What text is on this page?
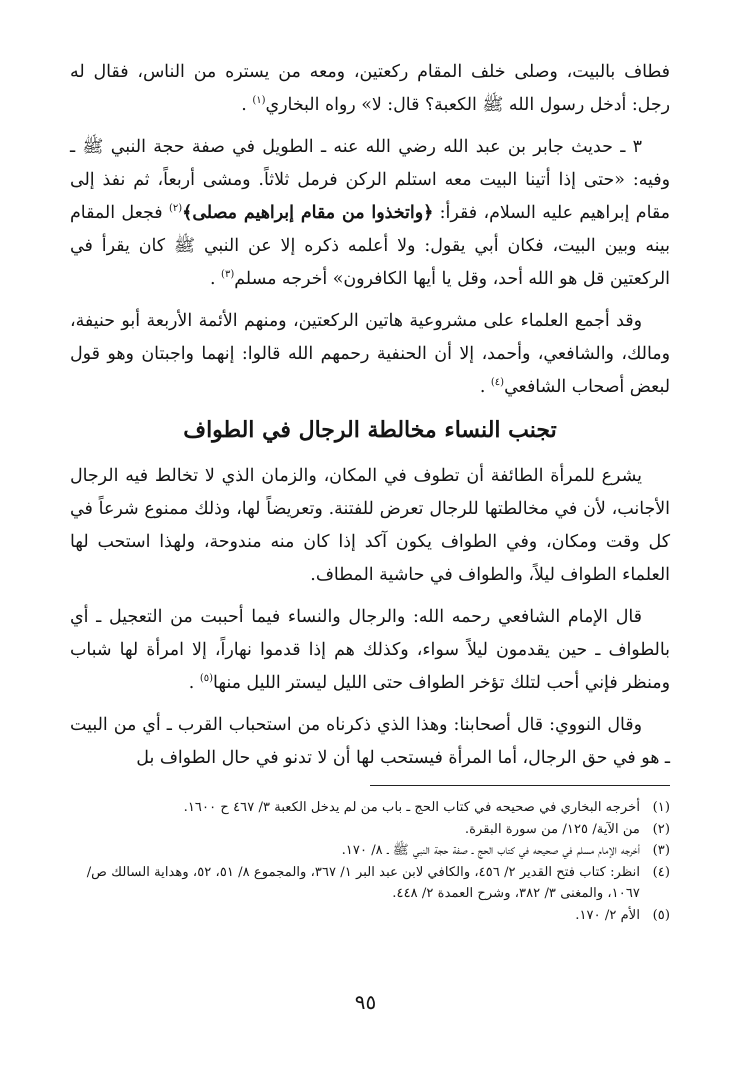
فطاف بالبيت، وصلى خلف المقام ركعتين، ومعه من يستره من الناس، فقال له رجل: أدخل رسول الله ﷺ الكعبة؟ قال: لا» رواه البخاري$^{(١)}$ .

٣ ـ حديث جابر بن عبد الله رضي الله عنه ـ الطويل في صفة حجة النبي ﷺ ـ وفيه: «حتى إذا أتينا البيت معه استلم الركن فرمل ثلاثاً. ومشى أربعاً، ثم نفذ إلى مقام إبراهيم عليه السلام، فقرأ: ﴿واتخذوا من مقام إبراهيم مصلى﴾$^{(٢)}$ فجعل المقام بينه وبين البيت، فكان أبي يقول: ولا أعلمه ذكره إلا عن النبي ﷺ كان يقرأ في الركعتين قل هو الله أحد، وقل يا أيها الكافرون» أخرجه مسلم$^{(٣)}$ .

وقد أجمع العلماء على مشروعية هاتين الركعتين، ومنهم الأئمة الأربعة أبو حنيفة، ومالك، والشافعي، وأحمد، إلا أن الحنفية رحمهم الله قالوا: إنهما واجبتان وهو قول لبعض أصحاب الشافعي$^{(٤)}$ .

تجنب النساء مخالطة الرجال في الطواف

يشرع للمرأة الطائفة أن تطوف في المكان، والزمان الذي لا تخالط فيه الرجال الأجانب، لأن في مخالطتها للرجال تعرض للفتنة. وتعريضاً لها، وذلك ممنوع شرعاً في كل وقت ومكان، وفي الطواف يكون آكد إذا كان منه مندوحة، ولهذا استحب لها العلماء الطواف ليلاً، والطواف في حاشية المطاف.

قال الإمام الشافعي رحمه الله: والرجال والنساء فيما أحببت من التعجيل ـ أي بالطواف ـ حين يقدمون ليلاً سواء، وكذلك هم إذا قدموا نهاراً، إلا امرأة لها شباب ومنظر فإني أحب لتلك تؤخر الطواف حتى الليل ليستر الليل منها$^{(٥)}$ .

وقال النووي: قال أصحابنا: وهذا الذي ذكرناه من استحباب القرب ـ أي من البيت ـ هو في حق الرجال، أما المرأة فيستحب لها أن لا تدنو في حال الطواف بل

(١)
أخرجه البخاري في صحيحه في كتاب الحج ـ باب من لم يدخل الكعبة ٣/ ٤٦٧ ح ١٦٠٠.
(٢)
من الآية/ ١٢٥/ من سورة البقرة.
(٣)
أخرجه الإمام مسلم في صحيحه في كتاب الحج ـ صفة حجة النبي ﷺ ـ ٨/ ١٧٠.
(٤)
انظر: كتاب فتح القدير ٢/ ٤٥٦، والكافي لابن عبد البر ١/ ٣٦٧، والمجموع ٨/ ٥١، ٥٢، وهداية السالك ص/ ١٠٦٧، والمغنى ٣/ ٣٨٢، وشرح العمدة ٢/ ٤٤٨.
(٥)
الأم ٢/ ١٧٠.
٩٥
